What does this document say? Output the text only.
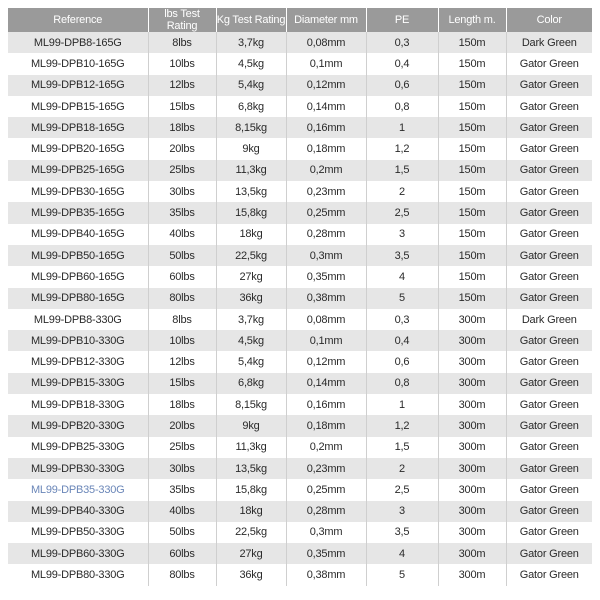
Reference	lbs Test Rating	Kg Test Rating	Diameter mm	PE	Length m.	Color
ML99-DPB8-165G	8lbs	3,7kg	0,08mm	0,3	150m	Dark Green
ML99-DPB10-165G	10lbs	4,5kg	0,1mm	0,4	150m	Gator Green
ML99-DPB12-165G	12lbs	5,4kg	0,12mm	0,6	150m	Gator Green
ML99-DPB15-165G	15lbs	6,8kg	0,14mm	0,8	150m	Gator Green
ML99-DPB18-165G	18lbs	8,15kg	0,16mm	1	150m	Gator Green
ML99-DPB20-165G	20lbs	9kg	0,18mm	1,2	150m	Gator Green
ML99-DPB25-165G	25lbs	11,3kg	0,2mm	1,5	150m	Gator Green
ML99-DPB30-165G	30lbs	13,5kg	0,23mm	2	150m	Gator Green
ML99-DPB35-165G	35lbs	15,8kg	0,25mm	2,5	150m	Gator Green
ML99-DPB40-165G	40lbs	18kg	0,28mm	3	150m	Gator Green
ML99-DPB50-165G	50lbs	22,5kg	0,3mm	3,5	150m	Gator Green
ML99-DPB60-165G	60lbs	27kg	0,35mm	4	150m	Gator Green
ML99-DPB80-165G	80lbs	36kg	0,38mm	5	150m	Gator Green
ML99-DPB8-330G	8lbs	3,7kg	0,08mm	0,3	300m	Dark Green
ML99-DPB10-330G	10lbs	4,5kg	0,1mm	0,4	300m	Gator Green
ML99-DPB12-330G	12lbs	5,4kg	0,12mm	0,6	300m	Gator Green
ML99-DPB15-330G	15lbs	6,8kg	0,14mm	0,8	300m	Gator Green
ML99-DPB18-330G	18lbs	8,15kg	0,16mm	1	300m	Gator Green
ML99-DPB20-330G	20lbs	9kg	0,18mm	1,2	300m	Gator Green
ML99-DPB25-330G	25lbs	11,3kg	0,2mm	1,5	300m	Gator Green
ML99-DPB30-330G	30lbs	13,5kg	0,23mm	2	300m	Gator Green
ML99-DPB35-330G	35lbs	15,8kg	0,25mm	2,5	300m	Gator Green
ML99-DPB40-330G	40lbs	18kg	0,28mm	3	300m	Gator Green
ML99-DPB50-330G	50lbs	22,5kg	0,3mm	3,5	300m	Gator Green
ML99-DPB60-330G	60lbs	27kg	0,35mm	4	300m	Gator Green
ML99-DPB80-330G	80lbs	36kg	0,38mm	5	300m	Gator Green
